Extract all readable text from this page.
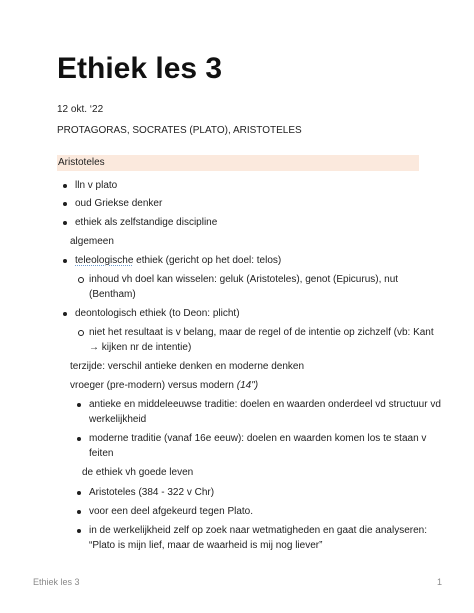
Ethiek les 3
12 okt. ‘22
PROTAGORAS, SOCRATES (PLATO), ARISTOTELES
Aristoteles
lln v plato
oud Griekse denker
ethiek als zelfstandige discipline
algemeen
teleologische ethiek (gericht op het doel: telos)
inhoud vh doel kan wisselen: geluk (Aristoteles), genot (Epicurus), nut
(Bentham)
deontologisch ethiek (to Deon: plicht)
niet het resultaat is v belang, maar de regel of de intentie op zichzelf (vb: Kant
→ kijken nr de intentie)
terzijde: verschil antieke denken en moderne denken
vroeger (pre-modern) versus modern (14")
antieke en middeleeuwse traditie: doelen en waarden onderdeel vd structuur vd
werkelijkheid
moderne traditie (vanaf 16e eeuw): doelen en waarden komen los te staan v
feiten
de ethiek vh goede leven
Aristoteles (384 - 322 v Chr)
voor een deel afgekeurd tegen Plato.
in de werkelijkheid zelf op zoek naar wetmatigheden en gaat die analyseren:
“Plato is mijn lief, maar de waarheid is mij nog liever”
Ethiek les 3	1
